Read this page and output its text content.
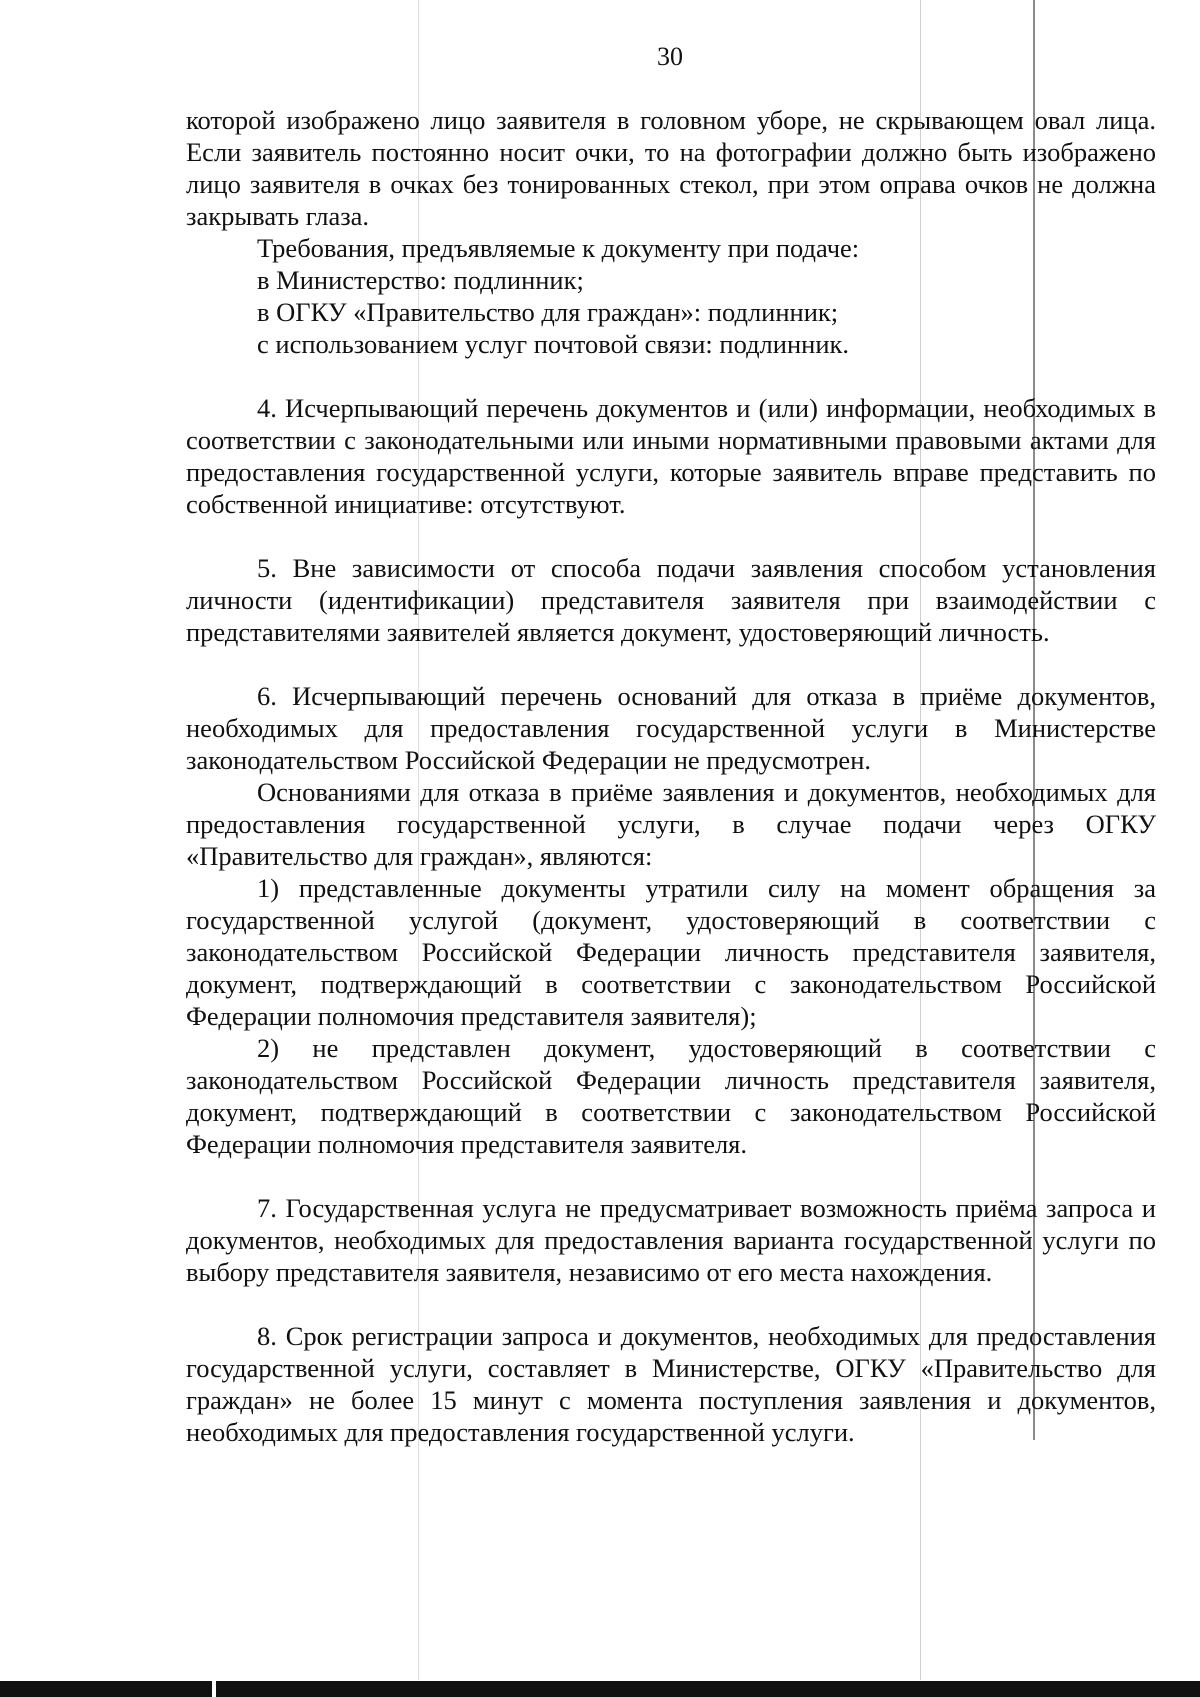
30

которой изображено лицо заявителя в головном уборе, не скрывающем овал лица. Если заявитель постоянно носит очки, то на фотографии должно быть изображено лицо заявителя в очках без тонированных стекол, при этом оправа очков не должна закрывать глаза.

Требования, предъявляемые к документу при подаче:

в Министерство: подлинник;

в ОГКУ «Правительство для граждан»: подлинник;

с использованием услуг почтовой связи: подлинник.

4. Исчерпывающий перечень документов и (или) информации, необходимых в соответствии с законодательными или иными нормативными правовыми актами для предоставления государственной услуги, которые заявитель вправе представить по собственной инициативе: отсутствуют.

5. Вне зависимости от способа подачи заявления способом установления личности (идентификации) представителя заявителя при взаимодействии с представителями заявителей является документ, удостоверяющий личность.

6. Исчерпывающий перечень оснований для отказа в приёме документов, необходимых для предоставления государственной услуги в Министерстве законодательством Российской Федерации не предусмотрен.

Основаниями для отказа в приёме заявления и документов, необходимых для предоставления государственной услуги, в случае подачи через ОГКУ «Правительство для граждан», являются:

1) представленные документы утратили силу на момент обращения за государственной услугой (документ, удостоверяющий в соответствии с законодательством Российской Федерации личность представителя заявителя, документ, подтверждающий в соответствии с законодательством Российской Федерации полномочия представителя заявителя);

2) не представлен документ, удостоверяющий в соответствии с законодательством Российской Федерации личность представителя заявителя, документ, подтверждающий в соответствии с законодательством Российской Федерации полномочия представителя заявителя.

7. Государственная услуга не предусматривает возможность приёма запроса и документов, необходимых для предоставления варианта государственной услуги по выбору представителя заявителя, независимо от его места нахождения.

8. Срок регистрации запроса и документов, необходимых для предоставления государственной услуги, составляет в Министерстве, ОГКУ «Правительство для граждан» не более 15 минут с момента поступления заявления и документов, необходимых для предоставления государственной услуги.
